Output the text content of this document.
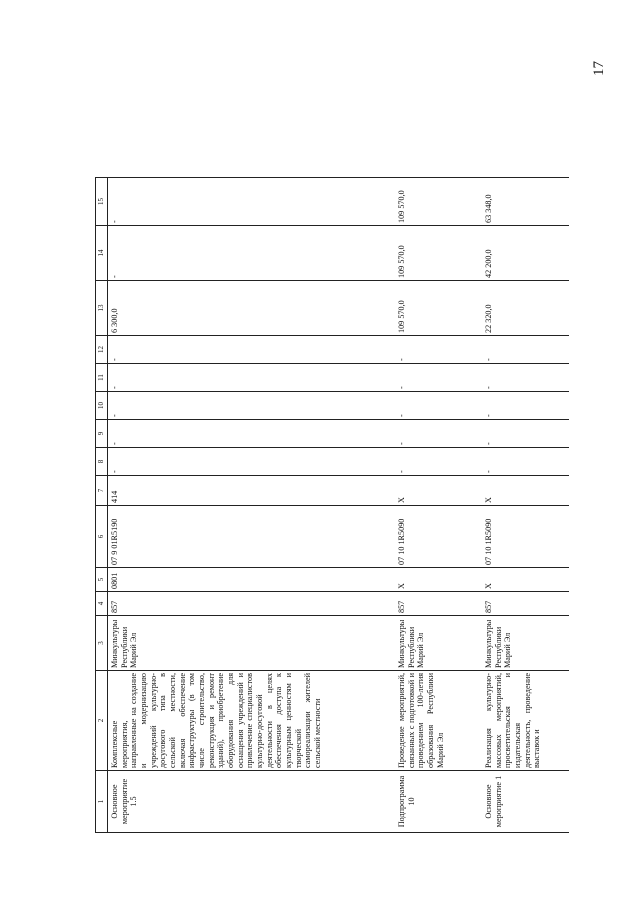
17
1	2	3	4	5	6	7	8	9	10	11	12	13	14	15
Основное мероприятие 1.5	Комплексные мероприятия, направленные на создание и модернизацию учреждений культурно-досугового типа в сельской местности, включая обеспечение инфраструктуры (в том числе строительство, реконструкция и ремонт зданий), приобретение оборудования для оснащения учреждений и привлечение специалистов культурно-досуговой деятельности в целях обеспечения доступа к культурным ценностям и творческой самореализации жителей сельской местности	Минкультуры Республики Марий Эл	857	0801	07 9 01R5190	414	-	-	-	-	-	6 300,0	-	-
Подпрограмма 10	Проведение мероприятий, связанных с подготовкой и проведением 100-летия образования Республики Марий Эл	Минкультуры Республики Марий Эл	857	X	07 10 1R5090	X	-	-	-	-	-	109 570,0	109 570,0	109 570,0
Основное мероприятие 1	Реализация культурно-массовых мероприятий, просветительская и издательская деятельность, проведение выставок и	Минкультуры Республики Марий Эл	857	X	07 10 1R5090	X	-	-	-	-	-	22 320,0	42 200,0	63 348,0
